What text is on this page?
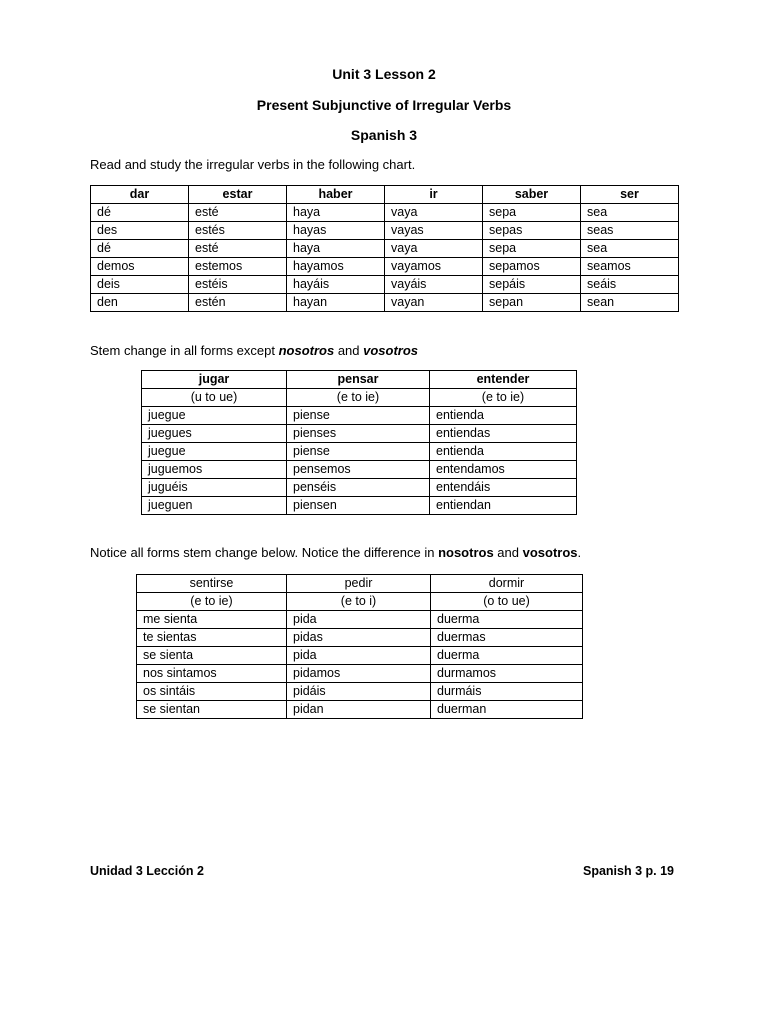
Unit 3 Lesson 2
Present Subjunctive of Irregular Verbs
Spanish 3
Read and study the irregular verbs in the following chart.
dar	estar	haber	ir	saber	ser
dé	esté	haya	vaya	sepa	sea
des	estés	hayas	vayas	sepas	seas
dé	esté	haya	vaya	sepa	sea
demos	estemos	hayamos	vayamos	sepamos	seamos
deis	estéis	hayáis	vayáis	sepáis	seáis
den	estén	hayan	vayan	sepan	sean
Stem change in all forms except nosotros and vosotros
jugar	pensar	entender
(u to ue)	(e to ie)	(e to ie)
juegue	piense	entienda
juegues	pienses	entiendas
juegue	piense	entienda
juguemos	pensemos	entendamos
juguéis	penséis	entendáis
jueguen	piensen	entiendan
Notice all forms stem change below. Notice the difference in nosotros and vosotros.
sentirse	pedir	dormir
(e to ie)	(e to i)	(o to ue)
me sienta	pida	duerma
te sientas	pidas	duermas
se sienta	pida	duerma
nos sintamos	pidamos	durmamos
os sintáis	pidáis	durmáis
se sientan	pidan	duerman
Unidad 3 Lección 2	Spanish 3 p. 19
